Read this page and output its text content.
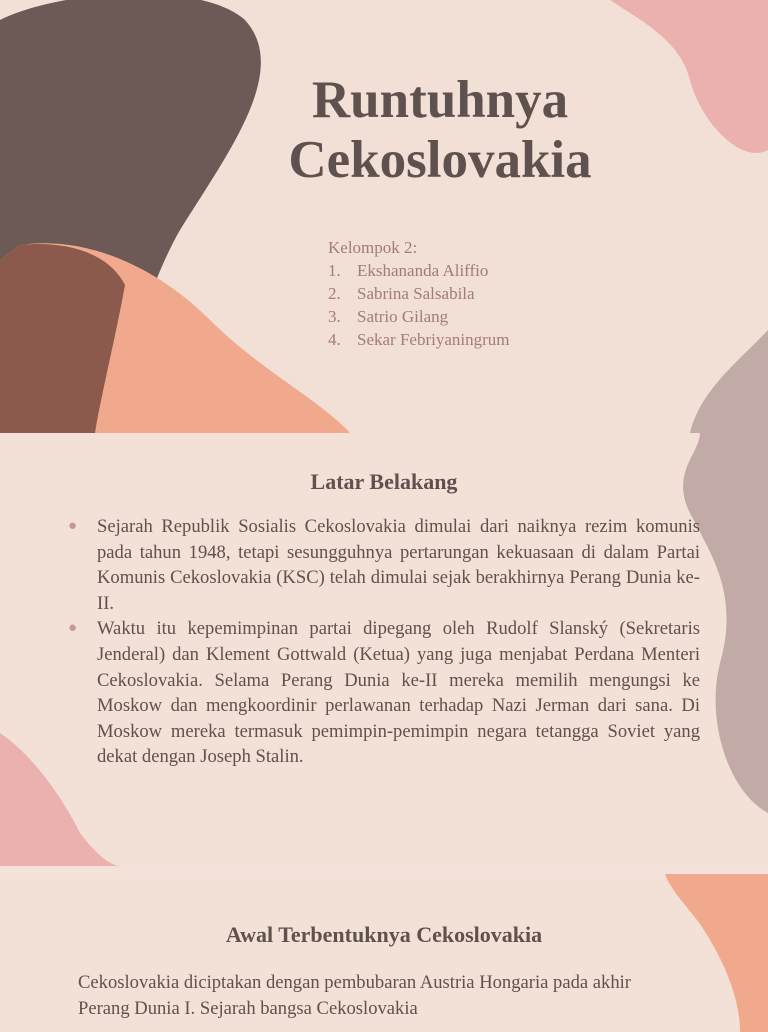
Runtuhnya
Cekoslovakia
Kelompok 2:
1. Ekshananda Aliffio
2. Sabrina Salsabila
3. Satrio Gilang
4. Sekar Febriyaningrum
Latar Belakang
Awal Terbentuknya Cekoslovakia
●	Sejarah Republik Sosialis Cekoslovakia dimulai dari naiknya rezim komunis pada tahun 1948, tetapi sesungguhnya pertarungan kekuasaan di dalam Partai Komunis Cekoslovakia (KSC) telah dimulai sejak berakhirnya Perang Dunia ke-II.
●	Waktu itu kepemimpinan partai dipegang oleh Rudolf Slanský (Sekretaris Jenderal) dan Klement Gottwald (Ketua) yang juga menjabat Perdana Menteri Cekoslovakia. Selama Perang Dunia ke-II mereka memilih mengungsi ke Moskow dan mengkoordinir perlawanan terhadap Nazi Jerman dari sana. Di Moskow mereka termasuk pemimpin-pemimpin negara tetangga Soviet yang dekat dengan Joseph Stalin.
Cekoslovakia diciptakan dengan pembubaran Austria Hongaria pada akhir Perang Dunia I. Sejarah bangsa Cekoslovakia
